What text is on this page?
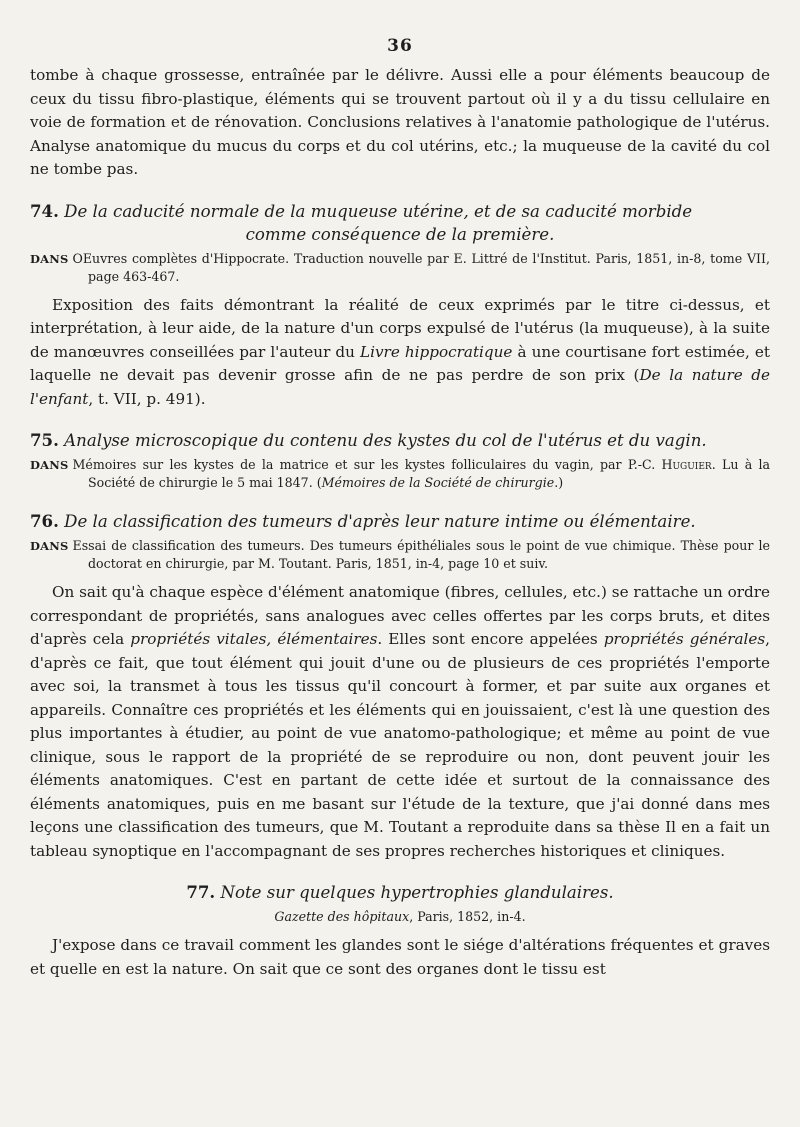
36

tombe à chaque grossesse, entraînée par le délivre. Aussi elle a pour éléments beaucoup de ceux du tissu fibro-plastique, éléments qui se trouvent partout où il y a du tissu cellulaire en voie de formation et de rénovation. Conclusions relatives à l'anatomie pathologique de l'utérus. Analyse anatomique du mucus du corps et du col utérins, etc.; la muqueuse de la cavité du col ne tombe pas.

74. De la caducité normale de la muqueuse utérine, et de sa caducité morbide
comme conséquence de la première.
DANS OEuvres complètes d'Hippocrate. Traduction nouvelle par E. Littré de l'Institut. Paris, 1851, in-8, tome VII, page 463-467.

Exposition des faits démontrant la réalité de ceux exprimés par le titre ci-dessus, et interprétation, à leur aide, de la nature d'un corps expulsé de l'utérus (la muqueuse), à la suite de manœuvres conseillées par l'auteur du Livre hippocratique à une courtisane fort estimée, et laquelle ne devait pas devenir grosse afin de ne pas perdre de son prix (De la nature de l'enfant, t. VII, p. 491).

75. Analyse microscopique du contenu des kystes du col de l'utérus et du vagin.
DANS Mémoires sur les kystes de la matrice et sur les kystes folliculaires du vagin, par P.-C. Huguier. Lu à la Société de chirurgie le 5 mai 1847. (Mémoires de la Société de chirurgie.)
76. De la classification des tumeurs d'après leur nature intime ou élémentaire.
DANS Essai de classification des tumeurs. Des tumeurs épithéliales sous le point de vue chimique. Thèse pour le doctorat en chirurgie, par M. Toutant. Paris, 1851, in-4, page 10 et suiv.

On sait qu'à chaque espèce d'élément anatomique (fibres, cellules, etc.) se rattache un ordre correspondant de propriétés, sans analogues avec celles offertes par les corps bruts, et dites d'après cela propriétés vitales, élémentaires. Elles sont encore appelées propriétés générales, d'après ce fait, que tout élément qui jouit d'une ou de plusieurs de ces propriétés l'emporte avec soi, la transmet à tous les tissus qu'il concourt à former, et par suite aux organes et appareils. Connaître ces propriétés et les éléments qui en jouissaient, c'est là une question des plus importantes à étudier, au point de vue anatomo-pathologique; et même au point de vue clinique, sous le rapport de la propriété de se reproduire ou non, dont peuvent jouir les éléments anatomiques. C'est en partant de cette idée et surtout de la connaissance des éléments anatomiques, puis en me basant sur l'étude de la texture, que j'ai donné dans mes leçons une classification des tumeurs, que M. Toutant a reproduite dans sa thèse Il en a fait un tableau synoptique en l'accompagnant de ses propres recherches historiques et cliniques.

77. Note sur quelques hypertrophies glandulaires.
Gazette des hôpitaux, Paris, 1852, in-4.

J'expose dans ce travail comment les glandes sont le siége d'altérations fréquentes et graves et quelle en est la nature. On sait que ce sont des organes dont le tissu est
